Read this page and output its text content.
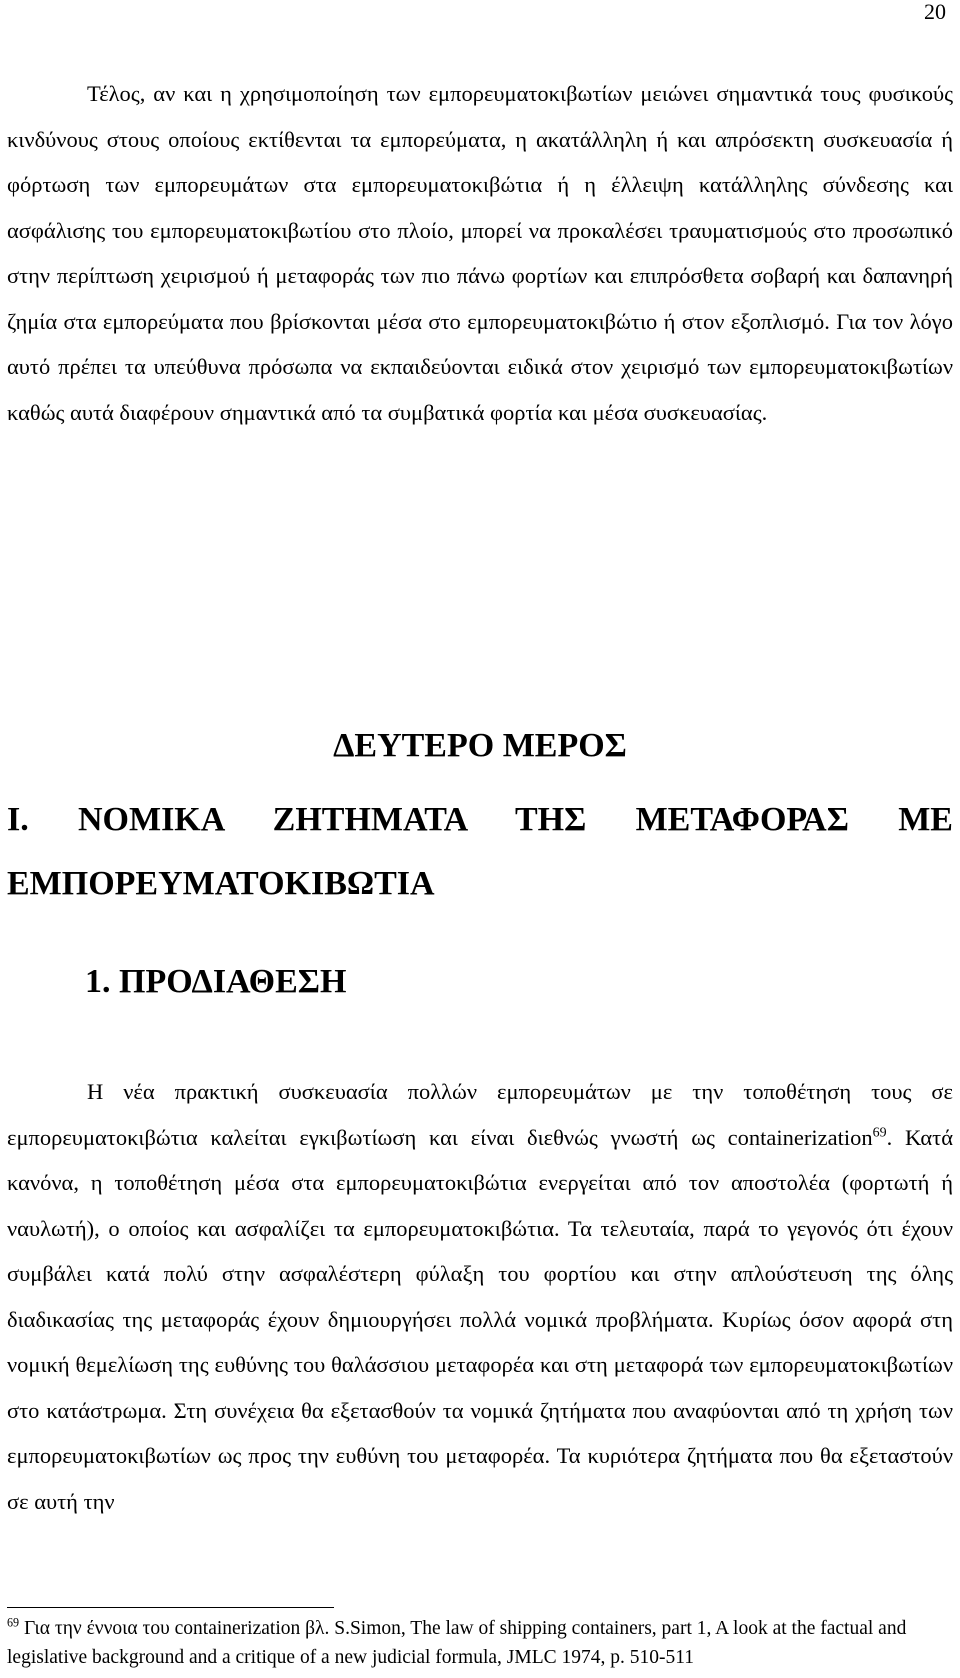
20

Τέλος, αν και η χρησιμοποίηση των εμπορευματοκιβωτίων μειώνει σημαντικά τους φυσικούς κινδύνους στους οποίους εκτίθενται τα εμπορεύματα, η ακατάλληλη ή και απρόσεκτη συσκευασία ή φόρτωση των εμπορευμάτων στα εμπορευματοκιβώτια ή η έλλειψη κατάλληλης σύνδεσης και ασφάλισης του εμπορευματοκιβωτίου στο πλοίο, μπορεί να προκαλέσει τραυματισμούς στο προσωπικό στην περίπτωση χειρισμού ή μεταφοράς των πιο πάνω φορτίων και επιπρόσθετα σοβαρή και δαπανηρή ζημία στα εμπορεύματα που βρίσκονται μέσα στο εμπορευματοκιβώτιο ή στον εξοπλισμό. Για τον λόγο αυτό πρέπει τα υπεύθυνα πρόσωπα να εκπαιδεύονται ειδικά στον χειρισμό των εμπορευματοκιβωτίων καθώς αυτά διαφέρουν σημαντικά από τα συμβατικά φορτία και μέσα συσκευασίας.

ΔΕΥΤΕΡΟ ΜΕΡΟΣ
Ι. ΝΟΜΙΚΑ ΖΗΤΗΜΑΤΑ ΤΗΣ ΜΕΤΑΦΟΡΑΣ ΜΕ ΕΜΠΟΡΕΥΜΑΤΟΚΙΒΩΤΙΑ
1. ΠΡΟΔΙΑΘΕΣΗ

Η νέα πρακτική συσκευασία πολλών εμπορευμάτων με την τοποθέτηση τους σε εμπορευματοκιβώτια καλείται εγκιβωτίωση και είναι διεθνώς γνωστή ως containerization$^{69}$. Κατά κανόνα, η τοποθέτηση μέσα στα εμπορευματοκιβώτια ενεργείται από τον αποστολέα (φορτωτή ή ναυλωτή), ο οποίος και ασφαλίζει τα εμπορευματοκιβώτια. Τα τελευταία, παρά το γεγονός ότι έχουν συμβάλει κατά πολύ στην ασφαλέστερη φύλαξη του φορτίου και στην απλούστευση της όλης διαδικασίας της μεταφοράς έχουν δημιουργήσει πολλά νομικά προβλήματα. Κυρίως όσον αφορά στη νομική θεμελίωση της ευθύνης του θαλάσσιου μεταφορέα και στη μεταφορά των εμπορευματοκιβωτίων στο κατάστρωμα. Στη συνέχεια θα εξετασθούν τα νομικά ζητήματα που αναφύονται από τη χρήση των εμπορευματοκιβωτίων ως προς την ευθύνη του μεταφορέα. Τα κυριότερα ζητήματα που θα εξεταστούν σε αυτή την

$^{69}$ Για την έννοια του containerization βλ. S.Simon, The law of shipping containers, part 1, A look at the factual and legislative background and a critique of a new judicial formula, JMLC 1974, p. 510-511
